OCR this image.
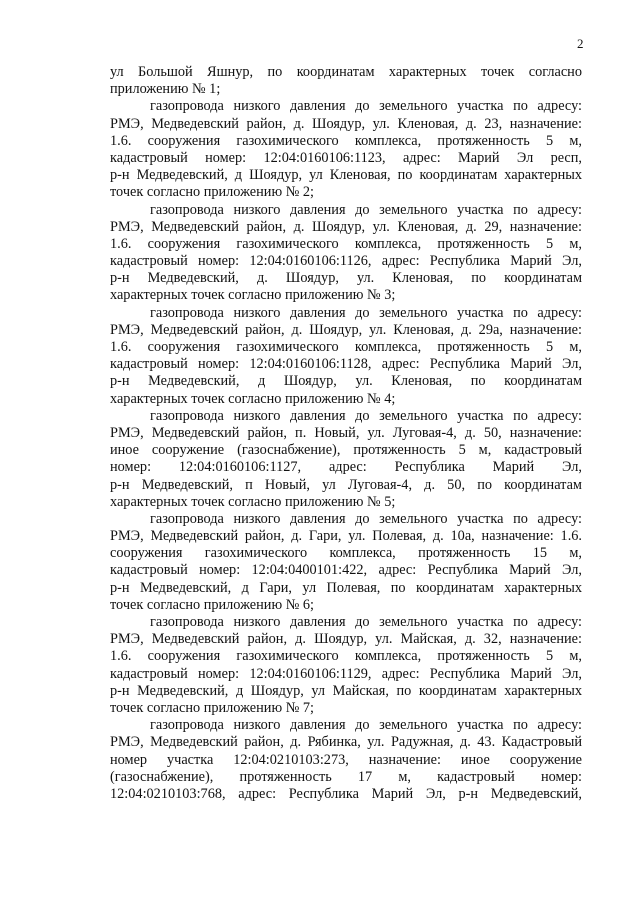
2
ул Большой Яшнур, по координатам характерных точек согласно
приложению № 1;
газопровода низкого давления до земельного участка по адресу:
РМЭ, Медведевский район, д. Шоядур, ул. Кленовая, д. 23, назначение:
1.6. сооружения газохимического комплекса, протяженность 5 м,
кадастровый номер: 12:04:0160106:1123, адрес: Марий Эл респ,
р-н Медведевский, д Шоядур, ул Кленовая, по координатам характерных
точек согласно приложению № 2;
газопровода низкого давления до земельного участка по адресу:
РМЭ, Медведевский район, д. Шоядур, ул. Кленовая, д. 29, назначение:
1.6. сооружения газохимического комплекса, протяженность 5 м,
кадастровый номер: 12:04:0160106:1126, адрес: Республика Марий Эл,
р-н Медведевский, д. Шоядур, ул. Кленовая, по координатам
характерных точек согласно приложению № 3;
газопровода низкого давления до земельного участка по адресу:
РМЭ, Медведевский район, д. Шоядур, ул. Кленовая, д. 29а, назначение:
1.6. сооружения газохимического комплекса, протяженность 5 м,
кадастровый номер: 12:04:0160106:1128, адрес: Республика Марий Эл,
р-н Медведевский, д Шоядур, ул. Кленовая, по координатам
характерных точек согласно приложению № 4;
газопровода низкого давления до земельного участка по адресу:
РМЭ, Медведевский район, п. Новый, ул. Луговая-4, д. 50, назначение:
иное сооружение (газоснабжение), протяженность 5 м, кадастровый
номер: 12:04:0160106:1127, адрес: Республика Марий Эл,
р-н Медведевский, п Новый, ул Луговая-4, д. 50, по координатам
характерных точек согласно приложению № 5;
газопровода низкого давления до земельного участка по адресу:
РМЭ, Медведевский район, д. Гари, ул. Полевая, д. 10а, назначение: 1.6.
сооружения газохимического комплекса, протяженность 15 м,
кадастровый номер: 12:04:0400101:422, адрес: Республика Марий Эл,
р-н Медведевский, д Гари, ул Полевая, по координатам характерных
точек согласно приложению № 6;
газопровода низкого давления до земельного участка по адресу:
РМЭ, Медведевский район, д. Шоядур, ул. Майская, д. 32, назначение:
1.6. сооружения газохимического комплекса, протяженность 5 м,
кадастровый номер: 12:04:0160106:1129, адрес: Республика Марий Эл,
р-н Медведевский, д Шоядур, ул Майская, по координатам характерных
точек согласно приложению № 7;
газопровода низкого давления до земельного участка по адресу:
РМЭ, Медведевский район, д. Рябинка, ул. Радужная, д. 43. Кадастровый
номер участка 12:04:0210103:273, назначение: иное сооружение
(газоснабжение), протяженность 17 м, кадастровый номер:
12:04:0210103:768, адрес: Республика Марий Эл, р-н Медведевский,
